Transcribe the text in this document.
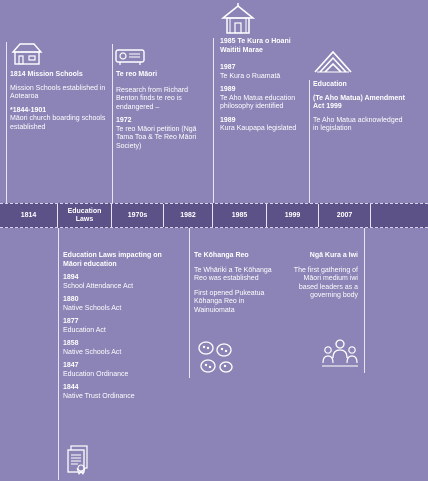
1814 Mission Schools
Mission Schools established in Aotearoa
*1844-1901
Māori church boarding schools established
Te reo Māori
Research from Richard Benton finds te reo is endangered –
1972
Te reo Māori petition (Ngā Tama Toa & Te Reo Māori Society)
1985 Te Kura o Hoani Waititi Marae
1987
Te Kura o Ruamatā
1989
Te Aho Matua education philosophy identified
1989
Kura Kaupapa legislated
Education
(Te Aho Matua) Amendment Act 1999
Te Aho Matua acknowledged in legislation
1814
Education Laws
1970s	1982	1985	1999	2007
Education Laws impacting on Māori education
1894
School Attendance Act
1880
Native Schools Act
1877
Education Act
1858
Native Schools Act
1847
Education Ordinance
1844
Native Trust Ordinance
Te Kōhanga Reo
Te Whāriki a Te Kōhanga Reo was established
First opened Pukeatua Kōhanga Reo in Wainuiomata
Ngā Kura a Iwi
The first gathering of Māori medium iwi based leaders as a governing body
